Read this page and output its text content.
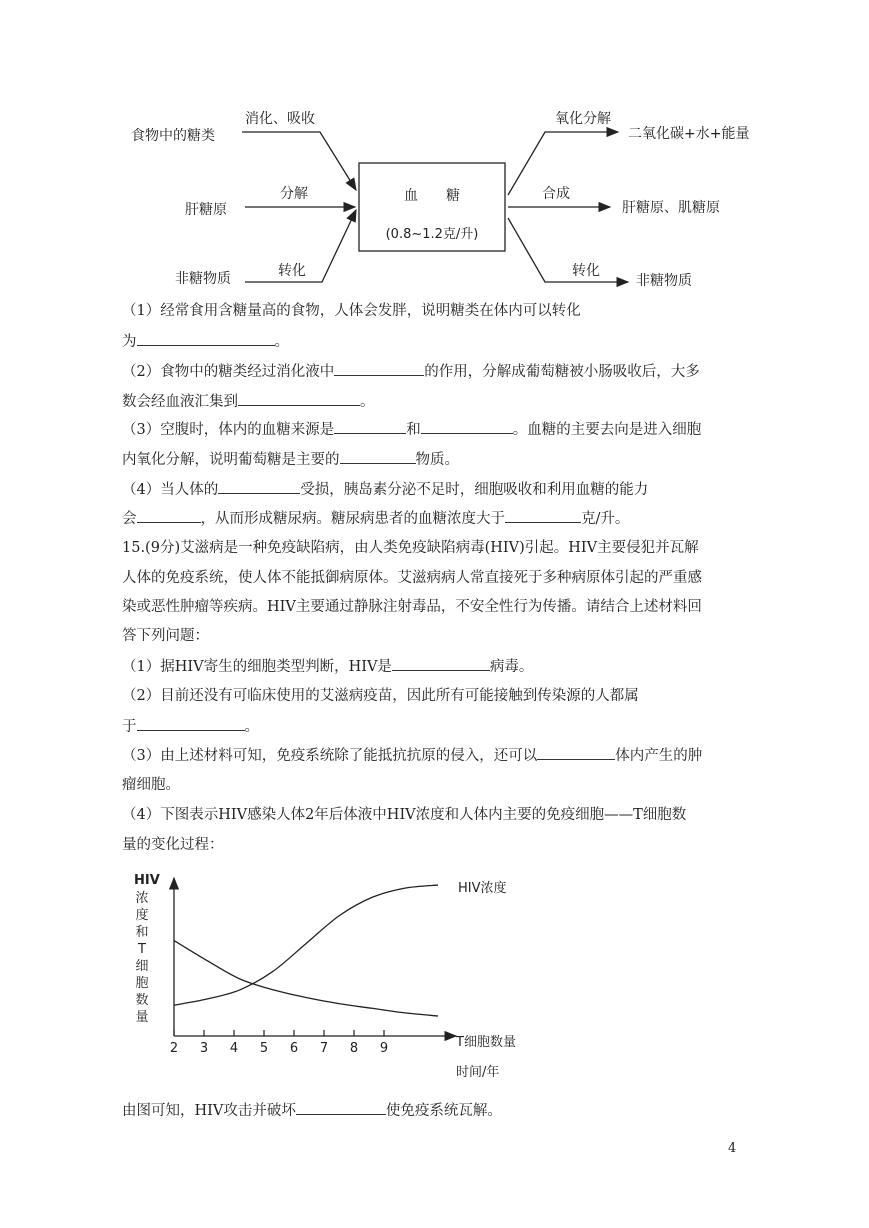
食物中的糖类
消化、吸收
肝糖原
分解
非糖物质	转化
血　　糖
(0.8~1.2克/升)
氧化分解
二氧化碳+水+能量
合成
肝糖原、肌糖原
转化
非糖物质
（1）经常食用含糖量高的食物，人体会发胖，说明糖类在体内可以转化
为	。
（2）食物中的糖类经过消化液中	的作用，分解成葡萄糖被小肠吸收后，大多
数会经血液汇集到	。
（3）空腹时，体内的血糖来源是	和	。血糖的主要去向是进入细胞
内氧化分解，说明葡萄糖是主要的	物质。
（4）当人体的	受损，胰岛素分泌不足时，细胞吸收和利用血糖的能力
会	，从而形成糖尿病。糖尿病患者的血糖浓度大于	克/升。
15.(9分)艾滋病是一种免疫缺陷病，由人类免疫缺陷病毒(HIV)引起。HIV主要侵犯并瓦解
人体的免疫系统，使人体不能抵御病原体。艾滋病病人常直接死于多种病原体引起的严重感
染或恶性肿瘤等疾病。HIV主要通过静脉注射毒品，不安全性行为传播。请结合上述材料回
答下列问题：
（1）据HIV寄生的细胞类型判断，HIV是	病毒。
（2）目前还没有可临床使用的艾滋病疫苗，因此所有可能接触到传染源的人都属
于	。
（3）由上述材料可知，免疫系统除了能抵抗抗原的侵入，还可以	体内产生的肿
瘤细胞。
（4）下图表示HIV感染人体2年后体液中HIV浓度和人体内主要的免疫细胞——T细胞数
量的变化过程：
HIV
浓
度
和
T
细
胞
数
量
2 3 4 5 6 7 8 9
HIV浓度
T细胞数量
时间/年
由图可知，HIV攻击并破坏	使免疫系统瓦解。
4
